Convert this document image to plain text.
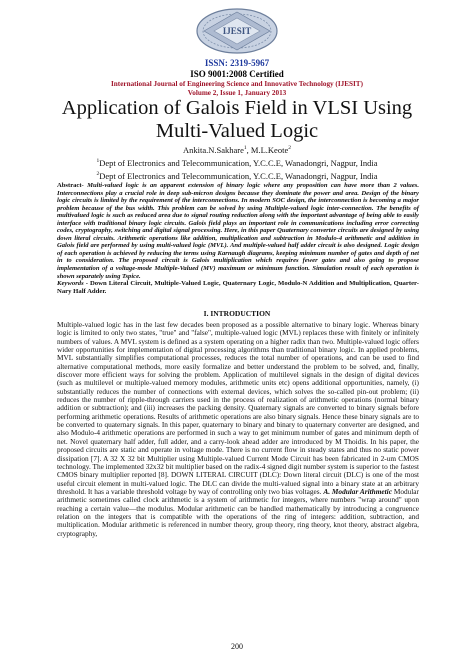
IJESIT
ISSN: 2319-5967
ISO 9001:2008 Certified
International Journal of Engineering Science and Innovative Technology (IJESIT)
Volume 2, Issue 1, January 2013
Application of Galois Field in VLSI Using
Multi-Valued Logic
Ankita.N.Sakhare$^1$, M.L.Keote$^2$
$^1$Dept of Electronics and Telecommunication, Y.C.C.E, Wanadongri, Nagpur, India
$^2$Dept of Electronics and Telecommunication, Y.C.C.E, Wanadongri, Nagpur, India
Abstract- Multi-valued logic is an apparent extension of binary logic where any proposition can have more than 2 values. Interconnections play a crucial role in deep sub-micron designs because they dominate the power and area. Design of the binary logic circuits is limited by the requirement of the interconnections. In modern SOC design, the interconnection is becoming a major problem because of the bus width. This problem can be solved by using Multiple-valued logic inter-connection. The benefits of multivalued logic is such as reduced area due to signal routing reduction along with the important advantage of being able to easily interface with traditional binary logic circuits. Galois field plays an important role in communications including error correcting codes, cryptography, switching and digital signal processing. Here, in this paper Quaternary converter circuits are designed by using down literal circuits. Arithmetic operations like addition, multiplication and subtraction in Modulo-4 arithmetic and addition in Galois field are performed by using multi-valued logic (MVL). And multiple-valued half adder circuit is also designed. Logic design of each operation is achieved by reducing the terms using Karnaugh diagrams, keeping minimum number of gates and depth of net in to consideration. The proposed circuit is Galois multiplication which requires fewer gates and also going to propose implementation of a voltage-mode Multiple-Valued (MV) maximum or minimum function. Simulation result of each operation is shown separately using Tspice.
Keywords - Down Literal Circuit, Multiple-Valued Logic, Quaternary Logic, Modulo-N Addition and Multiplication, Quarter-Nary Half Adder.
I. INTRODUCTION
Multiple-valued logic has in the last few decades been proposed as a possible alternative to binary logic. Whereas binary logic is limited to only two states, "true" and "false", multiple-valued logic (MVL) replaces these with finitely or infinitely numbers of values. A MVL system is defined as a system operating on a higher radix than two. Multiple-valued logic offers wider opportunities for implementation of digital processing algorithms than traditional binary logic. In applied problems, MVL substantially simplifies computational processes, reduces the total number of operations, and can be used to find alternative computational methods, more easily formalize and better understand the problem to be solved, and, finally, discover more efficient ways for solving the problem. Application of multilevel signals in the design of digital devices (such as multilevel or multiple-valued memory modules, arithmetic units etc) opens additional opportunities, namely, (i) substantially reduces the number of connections with external devices, which solves the so-called pin-out problem; (ii) reduces the number of ripple-through carriers used in the process of realization of arithmetic operations (normal binary addition or subtraction); and (iii) increases the packing density. Quaternary signals are converted to binary signals before performing arithmetic operations. Results of arithmetic operations are also binary signals. Hence these binary signals are to be converted to quaternary signals. In this paper, quaternary to binary and binary to quaternary converter are designed, and also Modulo-4 arithmetic operations are performed in such a way to get minimum number of gates and minimum depth of net. Novel quaternary half adder, full adder, and a carry-look ahead adder are introduced by M Thoidis. In his paper, the proposed circuits are static and operate in voltage mode. There is no current flow in steady states and thus no static power dissipation [7]. A 32 X 32 bit Multiplier using Multiple-valued Current Mode Circuit has been fabricated in 2-um CMOS technology. The implemented 32x32 bit multiplier based on the radix-4 signed digit number system is superior to the fastest CMOS binary multiplier reported [8]. DOWN LITERAL CIRCUIT (DLC): Down literal circuit (DLC) is one of the most useful circuit element in multi-valued logic. The DLC can divide the multi-valued signal into a binary state at an arbitrary threshold. It has a variable threshold voltage by way of controlling only two bias voltages. A. Modular Arithmetic Modular arithmetic sometimes called clock arithmetic is a system of arithmetic for integers, where numbers "wrap around" upon reaching a certain value—the modulus. Modular arithmetic can be handled mathematically by introducing a congruence relation on the integers that is compatible with the operations of the ring of integers: addition, subtraction, and multiplication. Modular arithmetic is referenced in number theory, group theory, ring theory, knot theory, abstract algebra, cryptography,
200
